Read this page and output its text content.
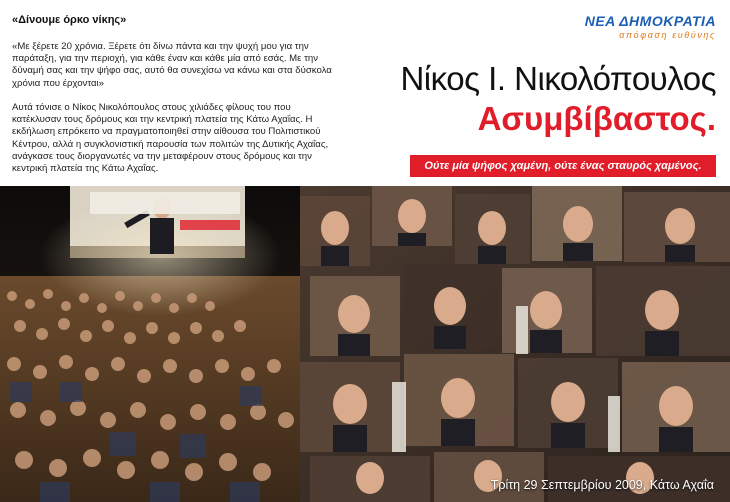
«Δίνουμε όρκο νίκης»
«Με ξέρετε 20 χρόνια. Ξέρετε ότι δίνω πάντα και την ψυχή μου για την παράταξη, για την περιοχή, για κάθε έναν και κάθε μία από εσάς. Με την δύναμή σας και την ψήφο σας, αυτό θα συνεχίσω να κάνω και στα δύσκολα χρόνια που έρχονται»
Αυτά τόνισε ο Νίκος Νικολόπουλος στους χιλιάδες φίλους του που κατέκλυσαν τους δρόμους και την κεντρική πλατεία της Κάτω Αχαΐας. Η εκδήλωση επρόκειτο να πραγματοποιηθεί στην αίθουσα του Πολιτιστικού Κέντρου, αλλά η συγκλονιστική παρουσία των πολιτών της Δυτικής Αχαΐας, ανάγκασε τους διοργανωτές να την μεταφέρουν στους δρόμους και την κεντρική πλατεία της Κάτω Αχαΐας.
ΝΕΑ ΔΗΜΟΚΡΑΤΙΑ
απόφαση ευθύνης
Νίκος Ι. Νικολόπουλος
Ασυμβίβαστος.
Ούτε μία ψήφος χαμένη, ούτε ένας σταυρός χαμένος.
Τρίτη 29 Σεπτεμβρίου 2009, Κάτω Αχαΐα
